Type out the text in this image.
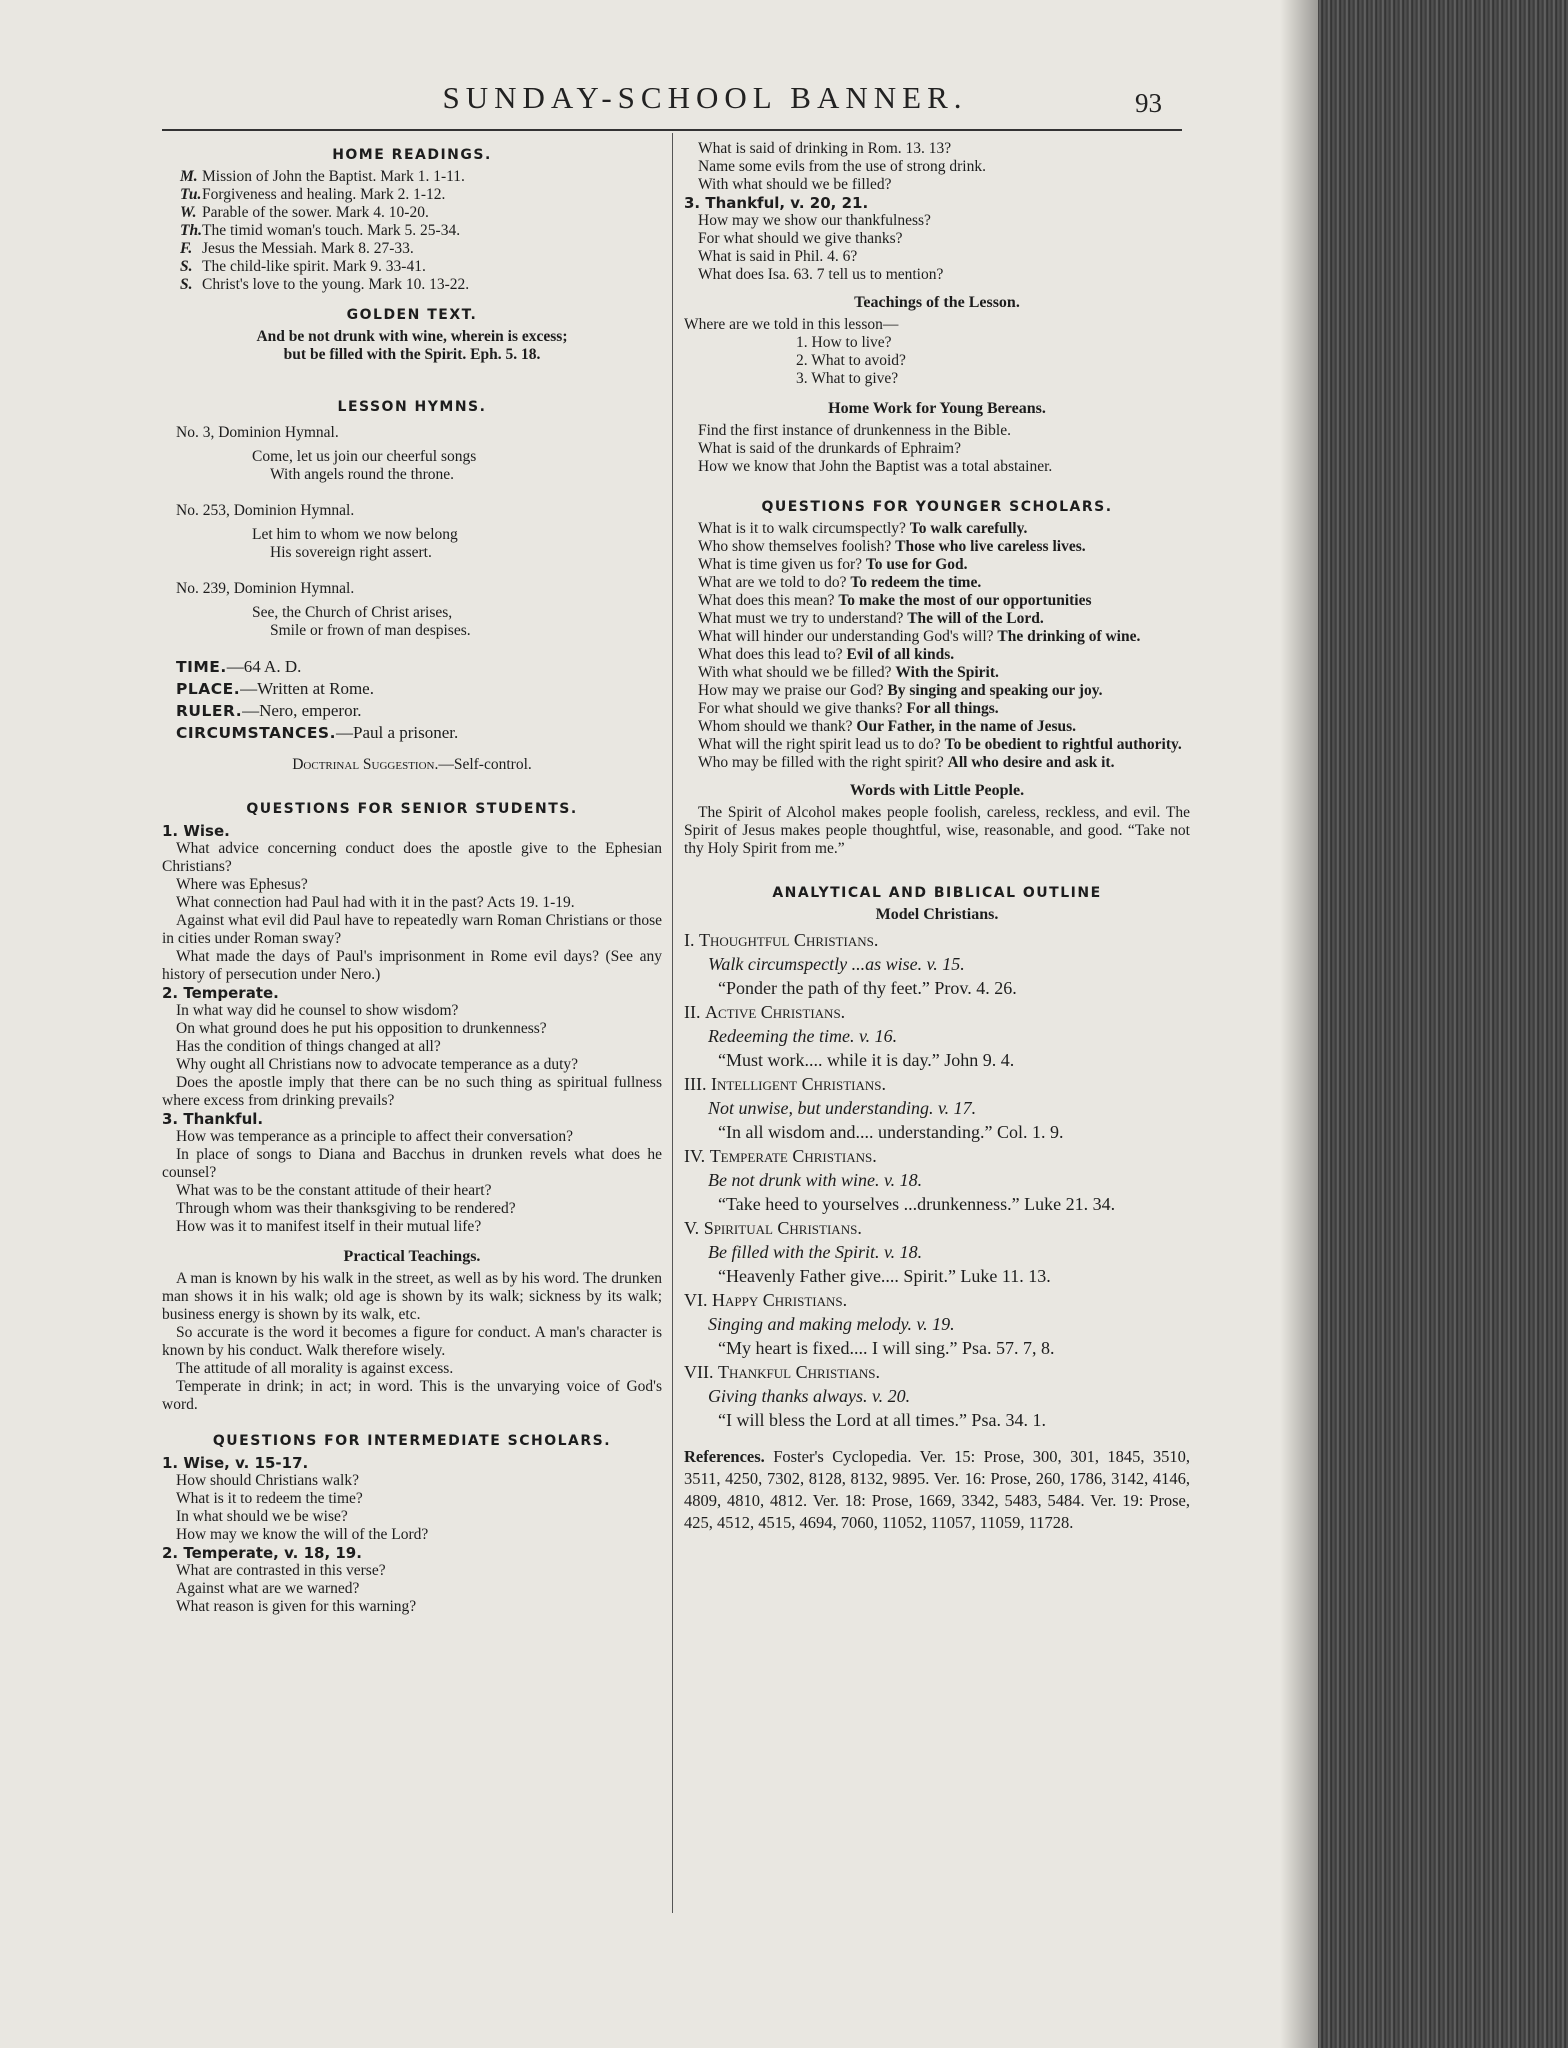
SUNDAY-SCHOOL BANNER.	93
HOME READINGS.
M. Mission of John the Baptist. Mark 1. 1-11.
Tu. Forgiveness and healing. Mark 2. 1-12.
W. Parable of the sower. Mark 4. 10-20.
Th. The timid woman's touch. Mark 5. 25-34.
F. Jesus the Messiah. Mark 8. 27-33.
S. The child-like spirit. Mark 9. 33-41.
S. Christ's love to the young. Mark 10. 13-22.
GOLDEN TEXT.
And be not drunk with wine, wherein is excess;
but be filled with the Spirit. Eph. 5. 18.
LESSON HYMNS.
No. 3, Dominion Hymnal.
Come, let us join our cheerful songs
With angels round the throne.
No. 253, Dominion Hymnal.
Let him to whom we now belong
His sovereign right assert.
No. 239, Dominion Hymnal.
See, the Church of Christ arises,
Smile or frown of man despises.
TIME.—64 A. D.
PLACE.—Written at Rome.
RULER.—Nero, emperor.
CIRCUMSTANCES.—Paul a prisoner.
Doctrinal Suggestion.—Self-control.
QUESTIONS FOR SENIOR STUDENTS.
1. Wise.
What advice concerning conduct does the apostle give to the Ephesian Christians?
Where was Ephesus?
What connection had Paul had with it in the past? Acts 19. 1-19.
Against what evil did Paul have to repeatedly warn Roman Christians or those in cities under Roman sway?
What made the days of Paul's imprisonment in Rome evil days? (See any history of persecution under Nero.)
2. Temperate.
In what way did he counsel to show wisdom?
On what ground does he put his opposition to drunkenness?
Has the condition of things changed at all?
Why ought all Christians now to advocate temperance as a duty?
Does the apostle imply that there can be no such thing as spiritual fullness where excess from drinking prevails?
3. Thankful.
How was temperance as a principle to affect their conversation?
In place of songs to Diana and Bacchus in drunken revels what does he counsel?
What was to be the constant attitude of their heart?
Through whom was their thanksgiving to be rendered?
How was it to manifest itself in their mutual life?
Practical Teachings.
A man is known by his walk in the street, as well as by his word. The drunken man shows it in his walk; old age is shown by its walk; sickness by its walk; business energy is shown by its walk, etc.
So accurate is the word it becomes a figure for conduct. A man's character is known by his conduct. Walk therefore wisely.
The attitude of all morality is against excess.
Temperate in drink; in act; in word. This is the unvarying voice of God's word.
QUESTIONS FOR INTERMEDIATE SCHOLARS.
1. Wise, v. 15-17.
How should Christians walk?
What is it to redeem the time?
In what should we be wise?
How may we know the will of the Lord?
2. Temperate, v. 18, 19.
What are contrasted in this verse?
Against what are we warned?
What reason is given for this warning?
What is said of drinking in Rom. 13. 13?
Name some evils from the use of strong drink.
With what should we be filled?
3. Thankful, v. 20, 21.
How may we show our thankfulness?
For what should we give thanks?
What is said in Phil. 4. 6?
What does Isa. 63. 7 tell us to mention?
Teachings of the Lesson.
Where are we told in this lesson—
1. How to live?
2. What to avoid?
3. What to give?
Home Work for Young Bereans.
Find the first instance of drunkenness in the Bible.
What is said of the drunkards of Ephraim?
How we know that John the Baptist was a total abstainer.
QUESTIONS FOR YOUNGER SCHOLARS.
What is it to walk circumspectly? To walk carefully.
Who show themselves foolish? Those who live careless lives.
What is time given us for? To use for God.
What are we told to do? To redeem the time.
What does this mean? To make the most of our opportunities
What must we try to understand? The will of the Lord.
What will hinder our understanding God's will? The drinking of wine.
What does this lead to? Evil of all kinds.
With what should we be filled? With the Spirit.
How may we praise our God? By singing and speaking our joy.
For what should we give thanks? For all things.
Whom should we thank? Our Father, in the name of Jesus.
What will the right spirit lead us to do? To be obedient to rightful authority.
Who may be filled with the right spirit? All who desire and ask it.
Words with Little People.
The Spirit of Alcohol makes people foolish, careless, reckless, and evil. The Spirit of Jesus makes people thoughtful, wise, reasonable, and good. “Take not thy Holy Spirit from me.”
ANALYTICAL AND BIBLICAL OUTLINE
Model Christians.
I. Thoughtful Christians.
Walk circumspectly ...as wise. v. 15.
“Ponder the path of thy feet.” Prov. 4. 26.
II. Active Christians.
Redeeming the time. v. 16.
“Must work.... while it is day.” John 9. 4.
III. Intelligent Christians.
Not unwise, but understanding. v. 17.
“In all wisdom and.... understanding.” Col. 1. 9.
IV. Temperate Christians.
Be not drunk with wine. v. 18.
“Take heed to yourselves ...drunkenness.” Luke 21. 34.
V. Spiritual Christians.
Be filled with the Spirit. v. 18.
“Heavenly Father give.... Spirit.” Luke 11. 13.
VI. Happy Christians.
Singing and making melody. v. 19.
“My heart is fixed.... I will sing.” Psa. 57. 7, 8.
VII. Thankful Christians.
Giving thanks always. v. 20.
“I will bless the Lord at all times.” Psa. 34. 1.
References. Foster's Cyclopedia. Ver. 15: Prose, 300, 301, 1845, 3510, 3511, 4250, 7302, 8128, 8132, 9895. Ver. 16: Prose, 260, 1786, 3142, 4146, 4809, 4810, 4812. Ver. 18: Prose, 1669, 3342, 5483, 5484. Ver. 19: Prose, 425, 4512, 4515, 4694, 7060, 11052, 11057, 11059, 11728.
